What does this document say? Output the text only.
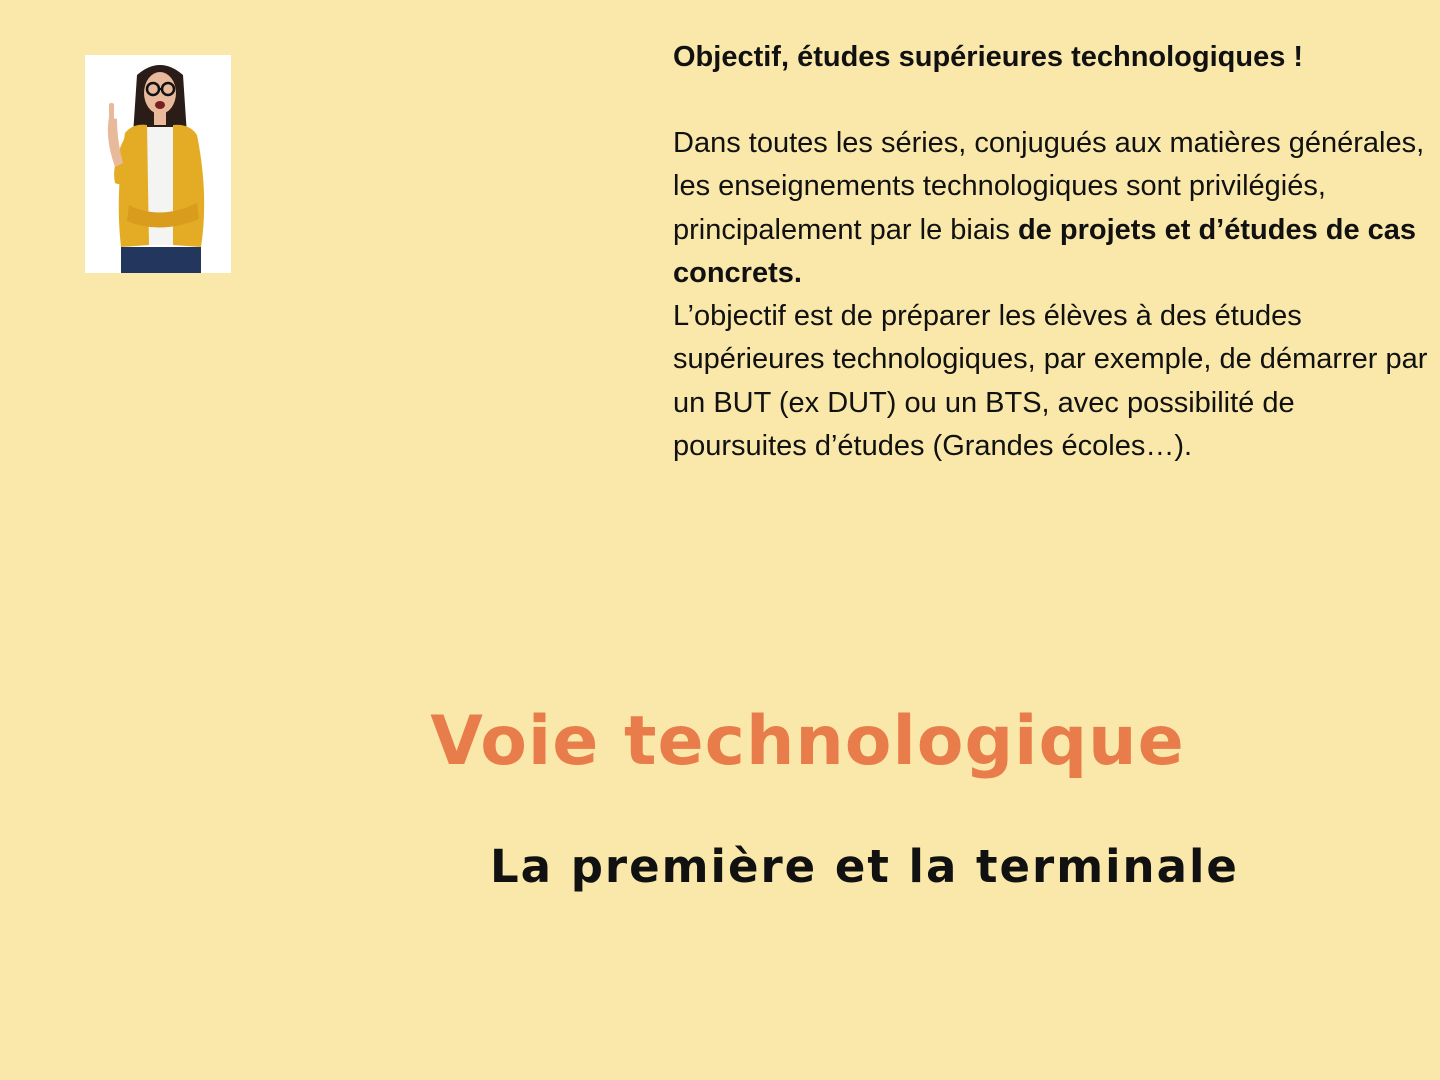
Objectif, études supérieures technologiques !

Dans toutes les séries, conjugués aux matières générales, les enseignements technologiques sont privilégiés, principalement par le biais de projets et d’études de cas concrets.

L’objectif est de préparer les élèves à des études supérieures technologiques, par exemple, de démarrer par un BUT (ex DUT) ou un BTS, avec possibilité de poursuites d’études (Grandes écoles…).

Voie technologique
La première et la terminale
